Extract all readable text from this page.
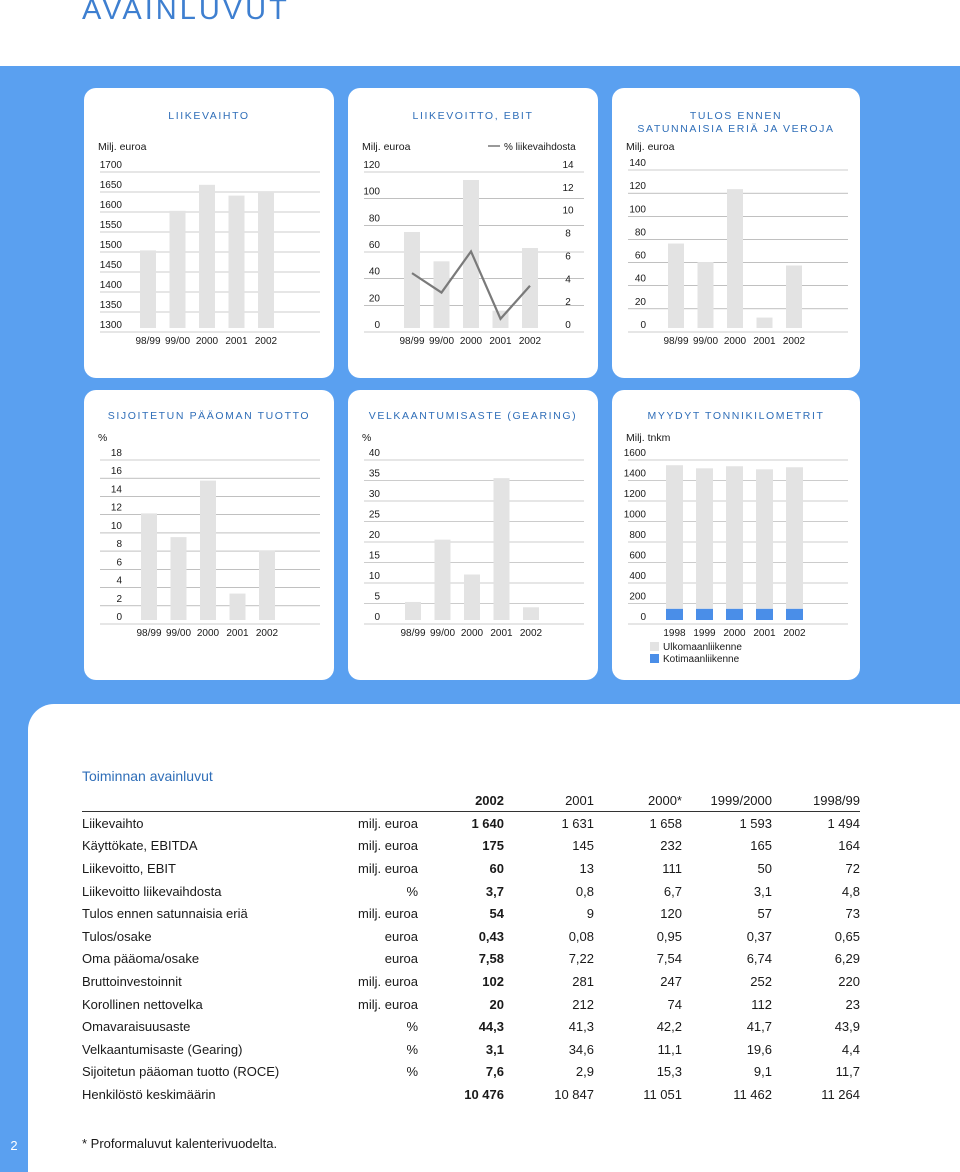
AVAINLUVUT
LIIKEVAIHTO
Milj. euroa
1300
1350
1400
1450
1500
1550
1600
1650
1700
98/99 99/00 2000 2001 2002
LIIKEVOITTO, EBIT
Milj. euroa
0
20
40
60
80
100
120
98/99 99/00 2000 2001 2002
0
2
4
6
8
10
12
14
% liikevaihdosta
TULOS ENNEN
SATUNNAISIA ERIÄ JA VEROJA
Milj. euroa
0
20
40
60
80
100
120
140
98/99 99/00 2000 2001 2002
SIJOITETUN PÄÄOMAN TUOTTO
%
0
2
4
6
8
10
12
14
16
18
98/99 99/00 2000 2001 2002
VELKAANTUMISASTE (GEARING)
%
0
5
10
15
20
25
30
35
40
98/99 99/00 2000 2001 2002
MYYDYT TONNIKILOMETRIT
Milj. tnkm
0
200
400
600
800
1000
1200
1400
1600
1998 1999 2000 2001 2002
Ulkomaanliikenne
Kotimaanliikenne
2
Toiminnan avainluvut
		2002	2001	2000*	1999/2000	1998/99
Liikevaihto	milj. euroa	1 640	1 631	1 658	1 593	1 494
Käyttökate, EBITDA	milj. euroa	175	145	232	165	164
Liikevoitto, EBIT	milj. euroa	60	13	111	50	72
Liikevoitto liikevaihdosta	%	3,7	0,8	6,7	3,1	4,8
Tulos ennen satunnaisia eriä	milj. euroa	54	9	120	57	73
Tulos/osake	euroa	0,43	0,08	0,95	0,37	0,65
Oma pääoma/osake	euroa	7,58	7,22	7,54	6,74	6,29
Bruttoinvestoinnit	milj. euroa	102	281	247	252	220
Korollinen nettovelka	milj. euroa	20	212	74	112	23
Omavaraisuusaste	%	44,3	41,3	42,2	41,7	43,9
Velkaantumisaste (Gearing)	%	3,1	34,6	11,1	19,6	4,4
Sijoitetun pääoman tuotto (ROCE)	%	7,6	2,9	15,3	9,1	11,7
Henkilöstö keskimäärin		10 476	10 847	11 051	11 462	11 264
* Proformaluvut kalenterivuodelta.
